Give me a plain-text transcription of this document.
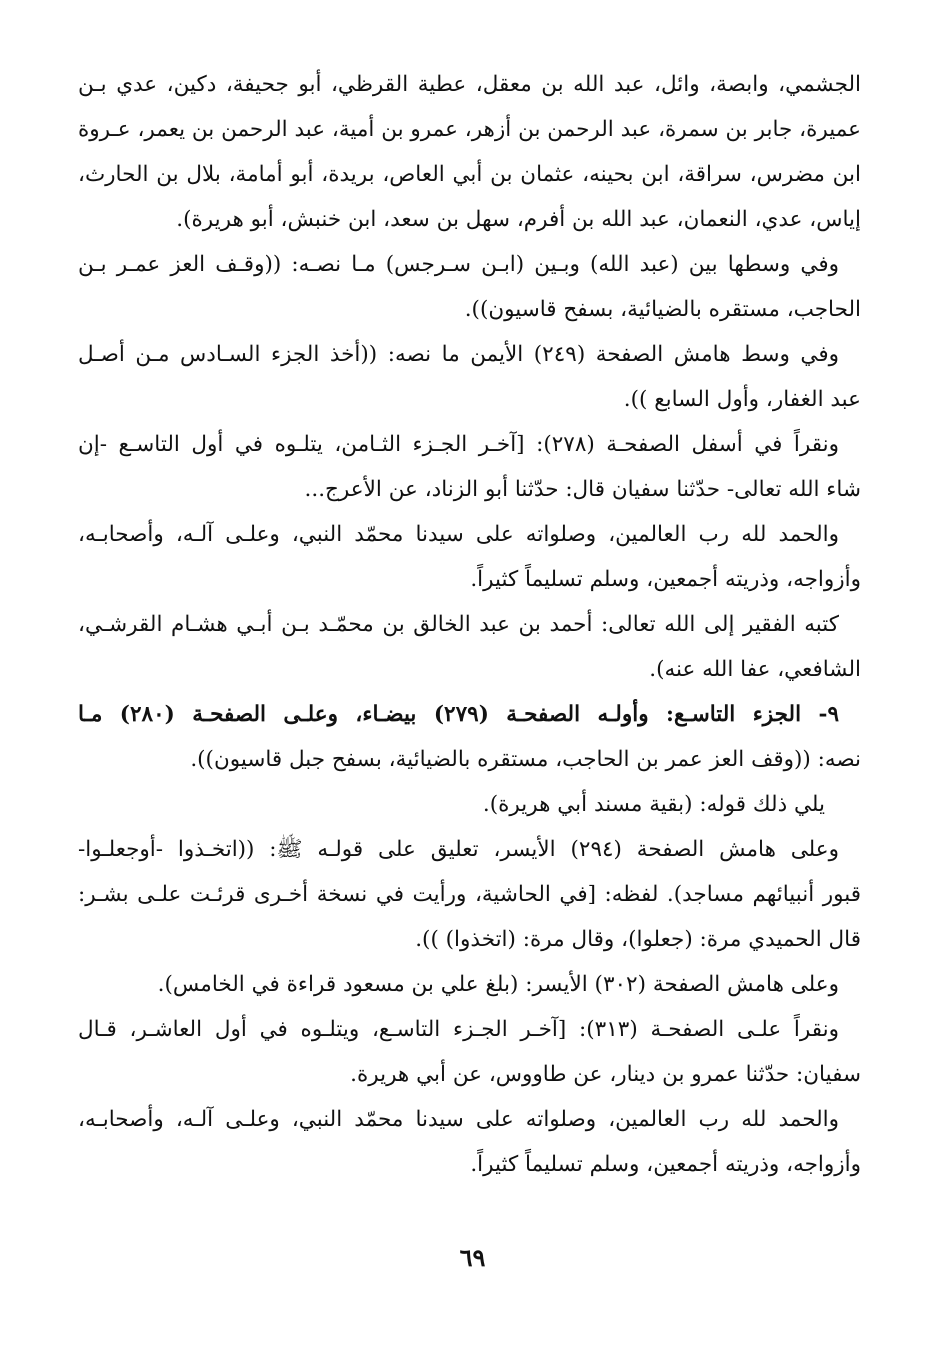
الجشمي، وابصة، وائل، عبد الله بن معقل، عطية القرظي، أبو جحيفة، دكين، عدي بـن
عميرة، جابر بن سمرة، عبد الرحمن بن أزهر، عمرو بن أمية، عبد الرحمن بن يعمر، عـروة
ابن مضرس، سراقة، ابن بحينه، عثمان بن أبي العاص، بريدة، أبو أمامة، بلال بن الحارث،
إياس، عدي، النعمان، عبد الله بن أفرم، سهل بن سعد، ابن خنبش، أبو هريرة).
وفي وسطها بين (عبد الله) وبـين (ابـن سـرجس) مـا نصـه: ((وقـف العز عمـر بـن
الحاجب، مستقره بالضيائية، بسفح قاسيون)).
وفي وسط هامش الصفحة (٢٤٩) الأيمن ما نصه: ((أخذ الجزء السـادس مـن أصـل
عبد الغفار، وأول السابع )).
ونقراً في أسفل الصفحـة (٢٧٨): [آخـر الجـزء الثـامن، يتلـوه في أول التاسـع -إن
شاء الله تعالى- حدّثنا سفيان قال: حدّثنا أبو الزناد، عن الأعرج...
والحمد لله رب العالمين، وصلواته على سيدنا محمّد النبي، وعلـى آلـه، وأصحابـه،
وأزواجه، وذريته أجمعين، وسلم تسليماً كثيراً.
كتبه الفقير إلى الله تعالى: أحمد بن عبد الخالق بن محمّـد بـن أبـي هشـام القرشـي،
الشافعي، عفا الله عنه).
٩- الجزء التاسـع: وأولـه الصفحـة (٢٧٩) بيضـاء، وعلـى الصفحـة (٢٨٠) مـا
نصه: ((وقف العز عمر بن الحاجب، مستقره بالضيائية، بسفح جبل قاسيون)).
يلي ذلك قوله: (بقية مسند أبي هريرة).
وعلى هامش الصفحة (٢٩٤) الأيسر، تعليق على قولـه ﷺ: ((اتخـذوا -أوجعلـوا-
قبور أنبيائهم مساجد). لفظه: [في الحاشية، ورأيت في نسخة أخـرى قرئـت علـى بشـر:
قال الحميدي مرة: (جعلوا)، وقال مرة: (اتخذوا) )).
وعلى هامش الصفحة (٣٠٢) الأيسر: (بلغ علي بن مسعود قراءة في الخامس).
ونقراً علـى الصفحـة (٣١٣): [آخـر الجـزء التاسـع، ويتلـوه في أول العاشـر، قـال
سفيان: حدّثنا عمرو بن دينار، عن طاووس، عن أبي هريرة.
والحمد لله رب العالمين، وصلواته على سيدنا محمّد النبي، وعلـى آلـه، وأصحابـه،
وأزواجه، وذريته أجمعين، وسلم تسليماً كثيراً.
٦٩
